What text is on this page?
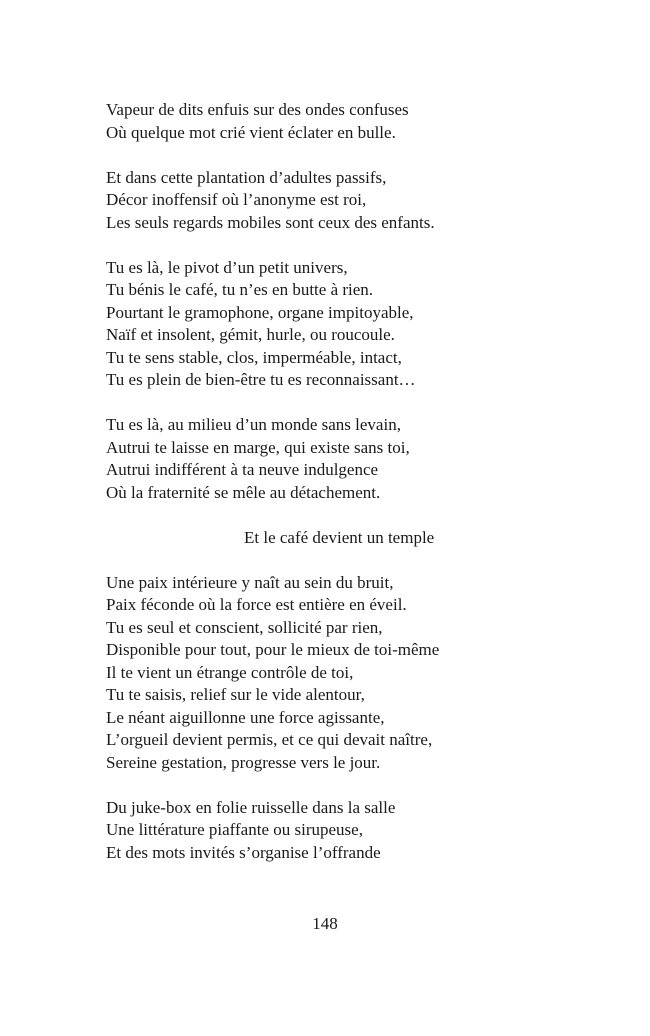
Vapeur de dits enfuis sur des ondes confuses
Où quelque mot crié vient éclater en bulle.
Et dans cette plantation d’adultes passifs,
Décor inoffensif où l’anonyme est roi,
Les seuls regards mobiles sont ceux des enfants.
Tu es là, le pivot d’un petit univers,
Tu bénis le café, tu n’es en butte à rien.
Pourtant le gramophone, organe impitoyable,
Naïf et insolent, gémit, hurle, ou roucoule.
Tu te sens stable, clos, imperméable, intact,
Tu es plein de bien-être tu es reconnaissant…
Tu es là, au milieu d’un monde sans levain,
Autrui te laisse en marge, qui existe sans toi,
Autrui indifférent à ta neuve indulgence
Où la fraternité se mêle au détachement.
Et le café devient un temple
Une paix intérieure y naît au sein du bruit,
Paix féconde où la force est entière en éveil.
Tu es seul et conscient, sollicité par rien,
Disponible pour tout, pour le mieux de toi-même
Il te vient un étrange contrôle de toi,
Tu te saisis, relief sur le vide alentour,
Le néant aiguillonne une force agissante,
L’orgueil devient permis, et ce qui devait naître,
Sereine gestation, progresse vers le jour.
Du juke-box en folie ruisselle dans la salle
Une littérature piaffante ou sirupeuse,
Et des mots invités s’organise l’offrande
148
